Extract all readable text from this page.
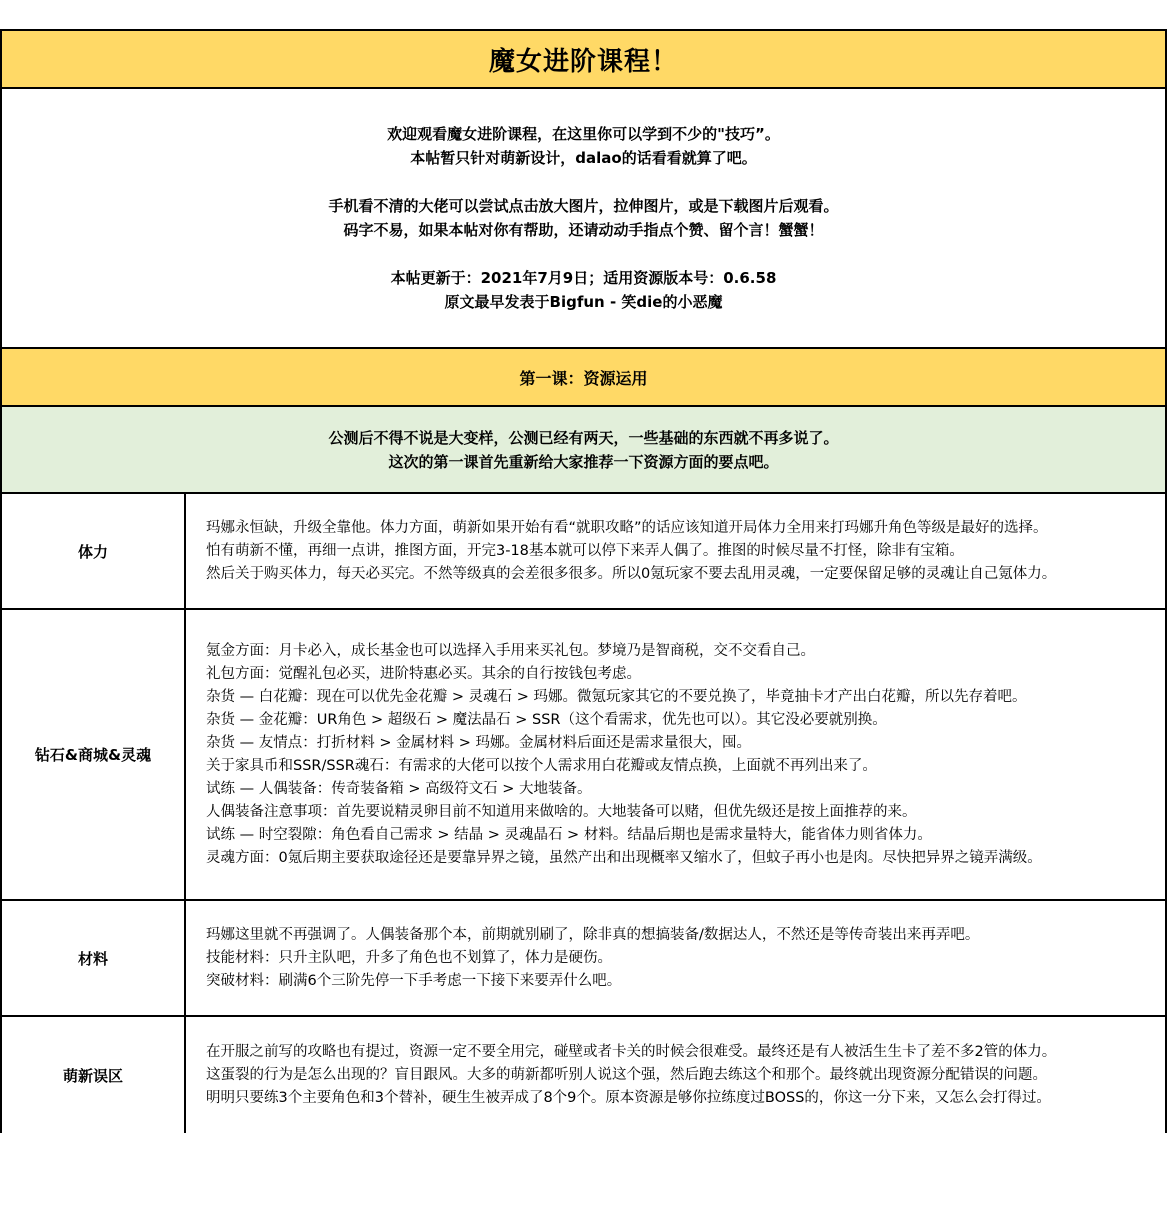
魔女进阶课程！

欢迎观看魔女进阶课程，在这里你可以学到不少的"技巧”。

本帖暂只针对萌新设计，dalao的话看看就算了吧。

手机看不清的大佬可以尝试点击放大图片，拉伸图片，或是下载图片后观看。

码字不易，如果本帖对你有帮助，还请动动手指点个赞、留个言！蟹蟹！

本帖更新于：2021年7月9日；适用资源版本号：0.6.58

原文最早发表于Bigfun - 笑die的小恶魔

第一课：资源运用

公测后不得不说是大变样，公测已经有两天，一些基础的东西就不再多说了。

这次的第一课首先重新给大家推荐一下资源方面的要点吧。

体力

玛娜永恒缺，升级全靠他。体力方面，萌新如果开始有看“就职攻略”的话应该知道开局体力全用来打玛娜升角色等级是最好的选择。

怕有萌新不懂，再细一点讲，推图方面，开完3-18基本就可以停下来弄人偶了。推图的时候尽量不打怪，除非有宝箱。

然后关于购买体力，每天必买完。不然等级真的会差很多很多。所以0氪玩家不要去乱用灵魂，一定要保留足够的灵魂让自己氪体力。

钻石&商城&灵魂

氪金方面：月卡必入，成长基金也可以选择入手用来买礼包。梦境乃是智商税，交不交看自己。

礼包方面：觉醒礼包必买，进阶特惠必买。其余的自行按钱包考虑。

杂货 — 白花瓣：现在可以优先金花瓣 > 灵魂石 > 玛娜。微氪玩家其它的不要兑换了，毕竟抽卡才产出白花瓣，所以先存着吧。

杂货 — 金花瓣：UR角色 > 超级石 > 魔法晶石 > SSR（这个看需求，优先也可以）。其它没必要就别换。

杂货 — 友情点：打折材料 > 金属材料 > 玛娜。金属材料后面还是需求量很大，囤。

关于家具币和SSR/SSR魂石：有需求的大佬可以按个人需求用白花瓣或友情点换，上面就不再列出来了。

试练 — 人偶装备：传奇装备箱 > 高级符文石 > 大地装备。

人偶装备注意事项：首先要说精灵卵目前不知道用来做啥的。大地装备可以赌，但优先级还是按上面推荐的来。

试练 — 时空裂隙：角色看自己需求 > 结晶 > 灵魂晶石 > 材料。结晶后期也是需求量特大，能省体力则省体力。

灵魂方面：0氪后期主要获取途径还是要靠异界之镜，虽然产出和出现概率又缩水了，但蚊子再小也是肉。尽快把异界之镜弄满级。

材料

玛娜这里就不再强调了。人偶装备那个本，前期就别刷了，除非真的想搞装备/数据达人，不然还是等传奇装出来再弄吧。

技能材料：只升主队吧，升多了角色也不划算了，体力是硬伤。

突破材料：刷满6个三阶先停一下手考虑一下接下来要弄什么吧。

萌新误区

在开服之前写的攻略也有提过，资源一定不要全用完，碰壁或者卡关的时候会很难受。最终还是有人被活生生卡了差不多2管的体力。

这蛋裂的行为是怎么出现的？盲目跟风。大多的萌新都听别人说这个强，然后跑去练这个和那个。最终就出现资源分配错误的问题。

明明只要练3个主要角色和3个替补，硬生生被弄成了8个9个。原本资源是够你拉练度过BOSS的，你这一分下来，又怎么会打得过。
